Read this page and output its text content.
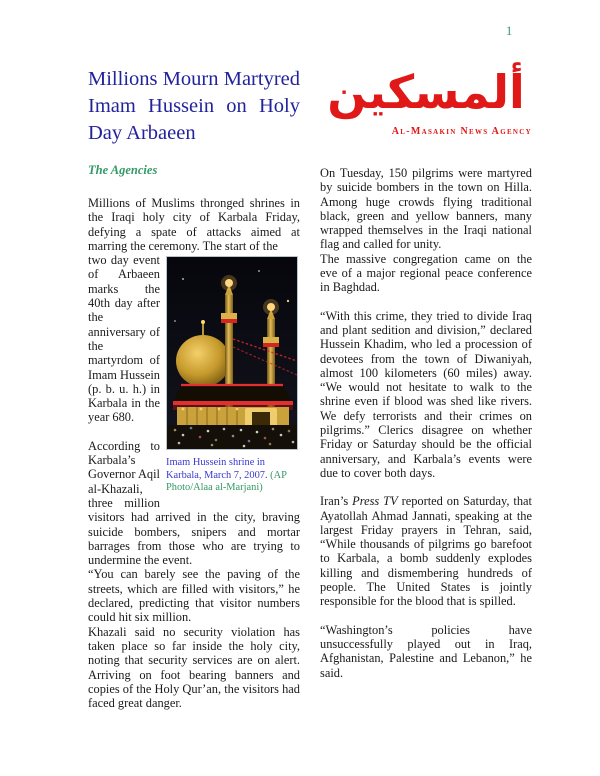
1
Millions Mourn Martyred Imam Hussein on Holy Day Arbaeen
The Agencies

Millions of Muslims thronged shrines in the Iraqi holy city of Karbala Friday, defying a spate of attacks aimed at marring the ceremony. The start of the

Imam Hussein shrine in Karbala, March 7, 2007. (AP Photo/Alaa al-Marjani)

two day event of Arbaeen marks the 40th day after the anniversary of the martyrdom of Imam Hussein (p. b. u. h.) in Karbala in the year 680.

According to Karbala’s Governor Aqil al-Khazali, three million visitors had arrived in the city, braving suicide bombers, snipers and mortar barrages from those who are trying to undermine the event.
“You can barely see the paving of the streets, which are filled with visitors,” he declared, predicting that visitor numbers could hit six million.
Khazali said no security violation has taken place so far inside the holy city, noting that security services are on alert. Arriving on foot bearing banners and copies of the Holy Qur’an, the visitors had faced great danger.

ألمسكين
Al-Masakin News Agency

On Tuesday, 150 pilgrims were martyred by suicide bombers in the town on Hilla. Among huge crowds flying traditional black, green and yellow banners, many wrapped themselves in the Iraqi national flag and called for unity.
The massive congregation came on the eve of a major regional peace conference in Baghdad.

“With this crime, they tried to divide Iraq and plant sedition and division,” declared Hussein Khadim, who led a procession of devotees from the town of Diwaniyah, almost 100 kilometers (60 miles) away. “We would not hesitate to walk to the shrine even if blood was shed like rivers. We defy terrorists and their crimes on pilgrims.” Clerics disagree on whether Friday or Saturday should be the official anniversary, and Karbala’s events were due to cover both days.

Iran’s Press TV reported on Saturday, that Ayatollah Ahmad Jannati, speaking at the largest Friday prayers in Tehran, said, “While thousands of pilgrims go barefoot to Karbala, a bomb suddenly explodes killing and dismembering hundreds of people. The United States is jointly responsible for the blood that is spilled.

“Washington’s policies have unsuccessfully played out in Iraq, Afghanistan, Palestine and Lebanon,” he said.
